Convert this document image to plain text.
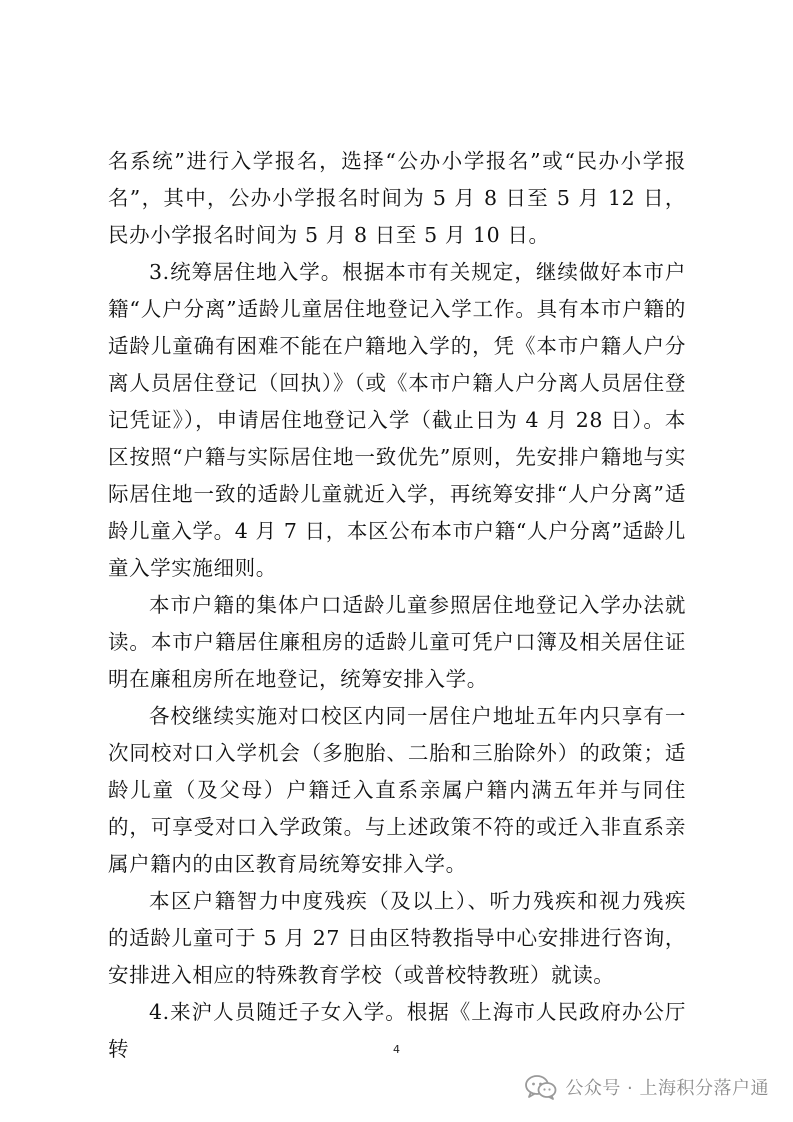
名系统”进行入学报名，选择“公办小学报名”或“民办小学报名”，其中，公办小学报名时间为 5 月 8 日至 5 月 12 日，民办小学报名时间为 5 月 8 日至 5 月 10 日。

3.统筹居住地入学。根据本市有关规定，继续做好本市户籍“人户分离”适龄儿童居住地登记入学工作。具有本市户籍的适龄儿童确有困难不能在户籍地入学的，凭《本市户籍人户分离人员居住登记（回执）》（或《本市户籍人户分离人员居住登记凭证》），申请居住地登记入学（截止日为 4 月 28 日）。本区按照“户籍与实际居住地一致优先”原则，先安排户籍地与实际居住地一致的适龄儿童就近入学，再统筹安排“人户分离”适龄儿童入学。4 月 7 日，本区公布本市户籍“人户分离”适龄儿童入学实施细则。

本市户籍的集体户口适龄儿童参照居住地登记入学办法就读。本市户籍居住廉租房的适龄儿童可凭户口簿及相关居住证明在廉租房所在地登记，统筹安排入学。

各校继续实施对口校区内同一居住户地址五年内只享有一次同校对口入学机会（多胞胎、二胎和三胎除外）的政策；适龄儿童（及父母）户籍迁入直系亲属户籍内满五年并与同住的，可享受对口入学政策。与上述政策不符的或迁入非直系亲属户籍内的由区教育局统筹安排入学。

本区户籍智力中度残疾（及以上）、听力残疾和视力残疾的适龄儿童可于 5 月 27 日由区特教指导中心安排进行咨询，安排进入相应的特殊教育学校（或普校特教班）就读。

4.来沪人员随迁子女入学。根据《上海市人民政府办公厅转	4
公众号 · 上海积分落户通
